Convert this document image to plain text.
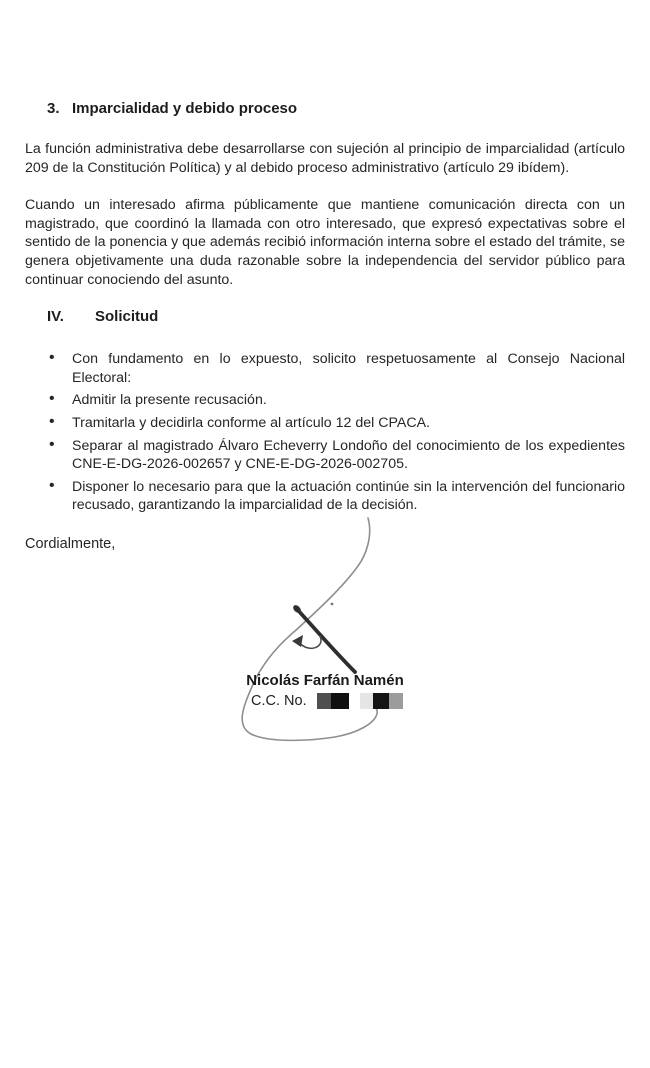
3. Imparcialidad y debido proceso

La función administrativa debe desarrollarse con sujeción al principio de imparcialidad (artículo 209 de la Constitución Política) y al debido proceso administrativo (artículo 29 ibídem).

Cuando un interesado afirma públicamente que mantiene comunicación directa con un magistrado, que coordinó la llamada con otro interesado, que expresó expectativas sobre el sentido de la ponencia y que además recibió información interna sobre el estado del trámite, se genera objetivamente una duda razonable sobre la independencia del servidor público para continuar conociendo del asunto.

IV. Solicitud
• Con fundamento en lo expuesto, solicito respetuosamente al Consejo Nacional Electoral:
• Admitir la presente recusación.
• Tramitarla y decidirla conforme al artículo 12 del CPACA.
• Separar al magistrado Álvaro Echeverry Londoño del conocimiento de los expedientes CNE-E-DG-2026-002657 y CNE-E-DG-2026-002705.
• Disponer lo necesario para que la actuación continúe sin la intervención del funcionario recusado, garantizando la imparcialidad de la decisión.
Cordialmente,
Nicolás Farfán Namén
C.C. No.
